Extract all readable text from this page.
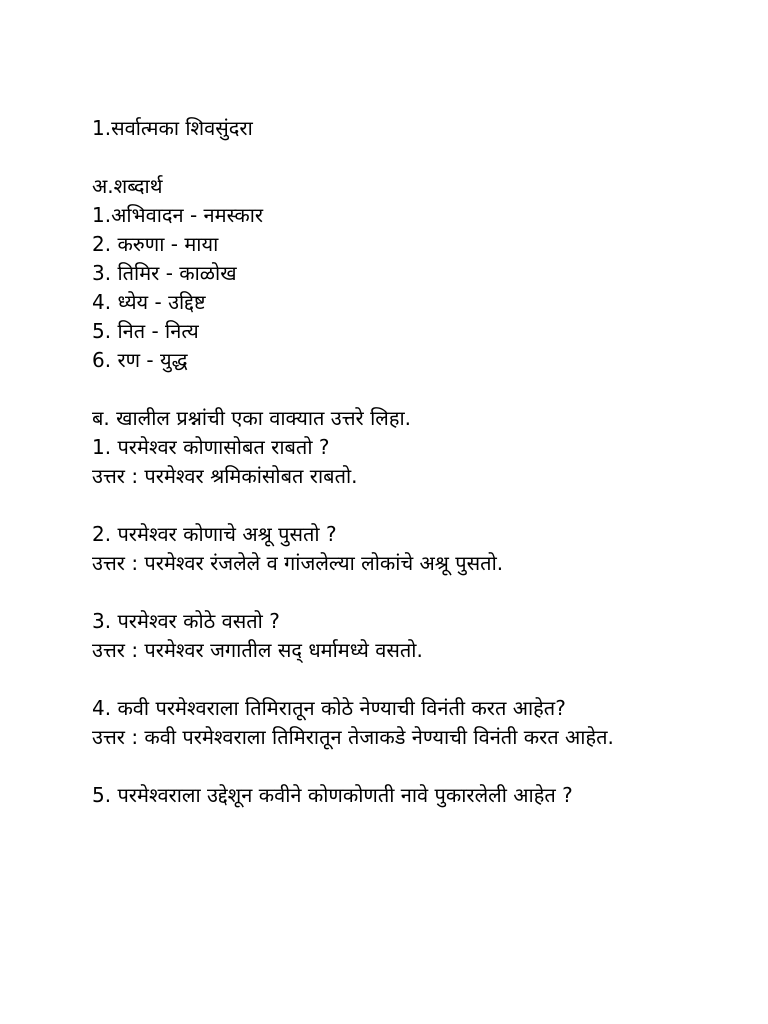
1.सर्वात्मका शिवसुंदरा
अ.शब्दार्थ
1.अभिवादन - नमस्कार
2. करुणा - माया
3. तिमिर - काळोख
4. ध्येय - उद्दिष्ट
5. नित - नित्य
6. रण - युद्ध
ब. खालील प्रश्नांची एका वाक्यात उत्तरे लिहा.
1. परमेश्वर कोणासोबत राबतो ?
उत्तर : परमेश्वर श्रमिकांसोबत राबतो.
2. परमेश्वर कोणाचे अश्रू पुसतो ?
उत्तर : परमेश्वर रंजलेले व गांजलेल्या लोकांचे अश्रू पुसतो.
3. परमेश्वर कोठे वसतो ?
उत्तर : परमेश्वर जगातील सद् धर्मामध्ये वसतो.
4. कवी परमेश्वराला तिमिरातून कोठे नेण्याची विनंती करत आहेत?
उत्तर : कवी परमेश्वराला तिमिरातून तेजाकडे नेण्याची विनंती करत आहेत.
5. परमेश्वराला उद्देशून कवीने कोणकोणती नावे पुकारलेली आहेत ?
